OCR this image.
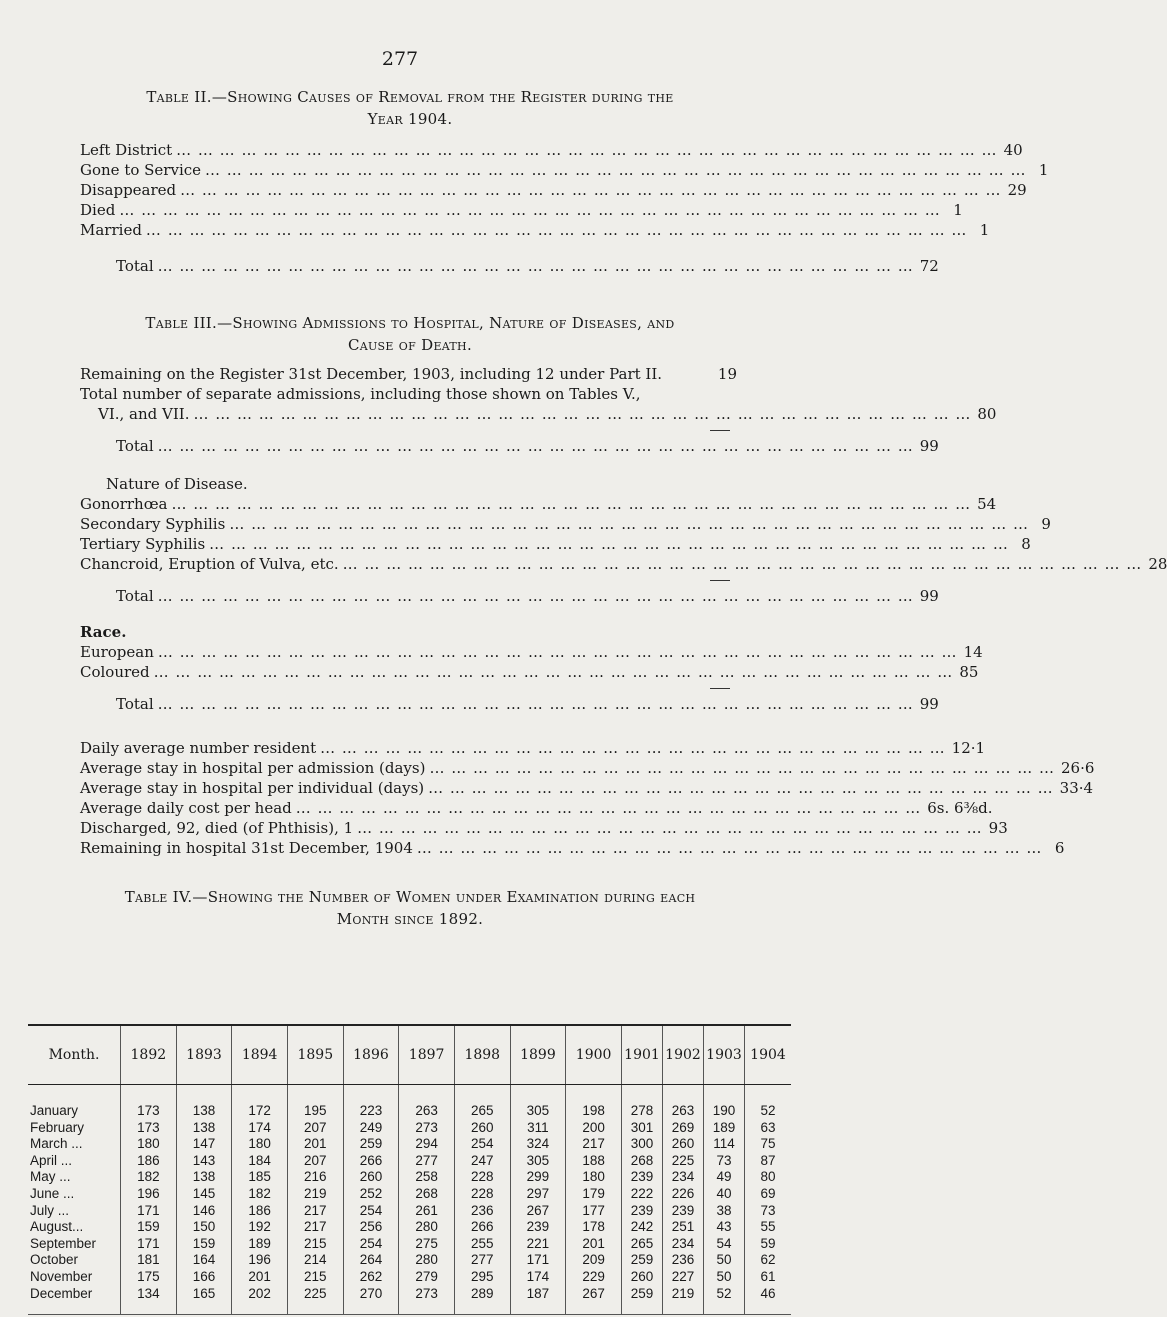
277
Table II.—Showing Causes of Removal from the Register during the
Year 1904.
Left District … … … … … … … … … … … … … … … … … … … … … … … … … … … … … … … … … … … … … … 40
Gone to Service … … … … … … … … … … … … … … … … … … … … … … … … … … … … … … … … … … … … … … 1
Disappeared … … … … … … … … … … … … … … … … … … … … … … … … … … … … … … … … … … … … … … 29
Died … … … … … … … … … … … … … … … … … … … … … … … … … … … … … … … … … … … … … … 1
Married … … … … … … … … … … … … … … … … … … … … … … … … … … … … … … … … … … … … … … 1
Total … … … … … … … … … … … … … … … … … … … … … … … … … … … … … … … … … … … 72
Table III.—Showing Admissions to Hospital, Nature of Diseases, and
Cause of Death.
Remaining on the Register 31st December, 1903, including 12 under Part II.	19
Total number of separate admissions, including those shown on Tables V.,
VI., and VII. … … … … … … … … … … … … … … … … … … … … … … … … … … … … … … … … … … … … 80
Total … … … … … … … … … … … … … … … … … … … … … … … … … … … … … … … … … … … 99
Nature of Disease.
Gonorrhœa … … … … … … … … … … … … … … … … … … … … … … … … … … … … … … … … … … … … … 54
Secondary Syphilis … … … … … … … … … … … … … … … … … … … … … … … … … … … … … … … … … … … … … 9
Tertiary Syphilis … … … … … … … … … … … … … … … … … … … … … … … … … … … … … … … … … … … … … 8
Chancroid, Eruption of Vulva, etc. … … … … … … … … … … … … … … … … … … … … … … … … … … … … … … … … … … … … … 28
Total … … … … … … … … … … … … … … … … … … … … … … … … … … … … … … … … … … … 99
Race.
European … … … … … … … … … … … … … … … … … … … … … … … … … … … … … … … … … … … … … 14
Coloured … … … … … … … … … … … … … … … … … … … … … … … … … … … … … … … … … … … … … 85
Total … … … … … … … … … … … … … … … … … … … … … … … … … … … … … … … … … … … 99
Daily average number resident … … … … … … … … … … … … … … … … … … … … … … … … … … … … … 12·1
Average stay in hospital per admission (days) … … … … … … … … … … … … … … … … … … … … … … … … … … … … … 26·6
Average stay in hospital per individual (days) … … … … … … … … … … … … … … … … … … … … … … … … … … … … … 33·4
Average daily cost per head … … … … … … … … … … … … … … … … … … … … … … … … … … … … … 6s. 6⅜d.
Discharged, 92, died (of Phthisis), 1 … … … … … … … … … … … … … … … … … … … … … … … … … … … … … 93
Remaining in hospital 31st December, 1904 … … … … … … … … … … … … … … … … … … … … … … … … … … … … … 6
Table IV.—Showing the Number of Women under Examination during each
Month since 1892.
Month.	1892	1893	1894	1895	1896	1897	1898	1899	1900	1901	1902	1903	1904

January	173	138	172	195	223	263	265	305	198	278	263	190	52
February	173	138	174	207	249	273	260	311	200	301	269	189	63
March ...	180	147	180	201	259	294	254	324	217	300	260	114	75
April ...	186	143	184	207	266	277	247	305	188	268	225	73	87
May ...	182	138	185	216	260	258	228	299	180	239	234	49	80
June ...	196	145	182	219	252	268	228	297	179	222	226	40	69
July ...	171	146	186	217	254	261	236	267	177	239	239	38	73
August...	159	150	192	217	256	280	266	239	178	242	251	43	55
September	171	159	189	215	254	275	255	221	201	265	234	54	59
October	181	164	196	214	264	280	277	171	209	259	236	50	62
November	175	166	201	215	262	279	295	174	229	260	227	50	61
December	134	165	202	225	270	273	289	187	267	259	219	52	46
